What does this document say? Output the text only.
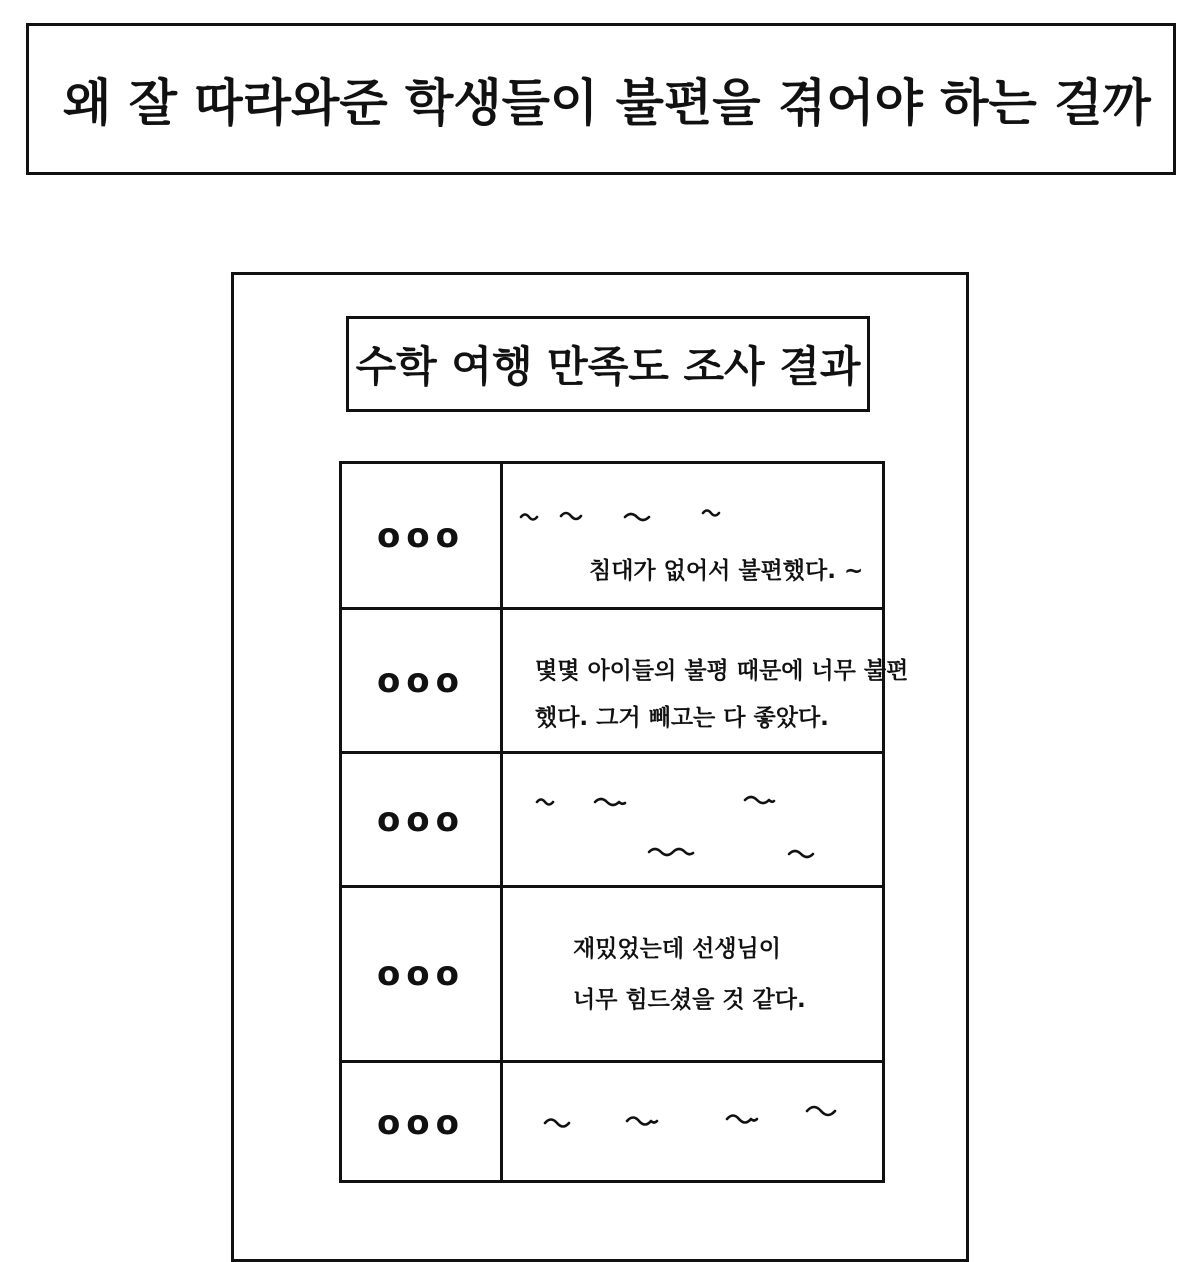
왜 잘 따라와준 학생들이 불편을 겪어야 하는 걸까
수학 여행 만족도 조사 결과
ooo
침대가 없어서 불편했다. ~
ooo	몇몇 아이들의 불평 때문에 너무 불편
했다. 그거 빼고는 다 좋았다.
ooo
ooo
재밌었는데 선생님이
너무 힘드셨을 것 같다.
ooo
